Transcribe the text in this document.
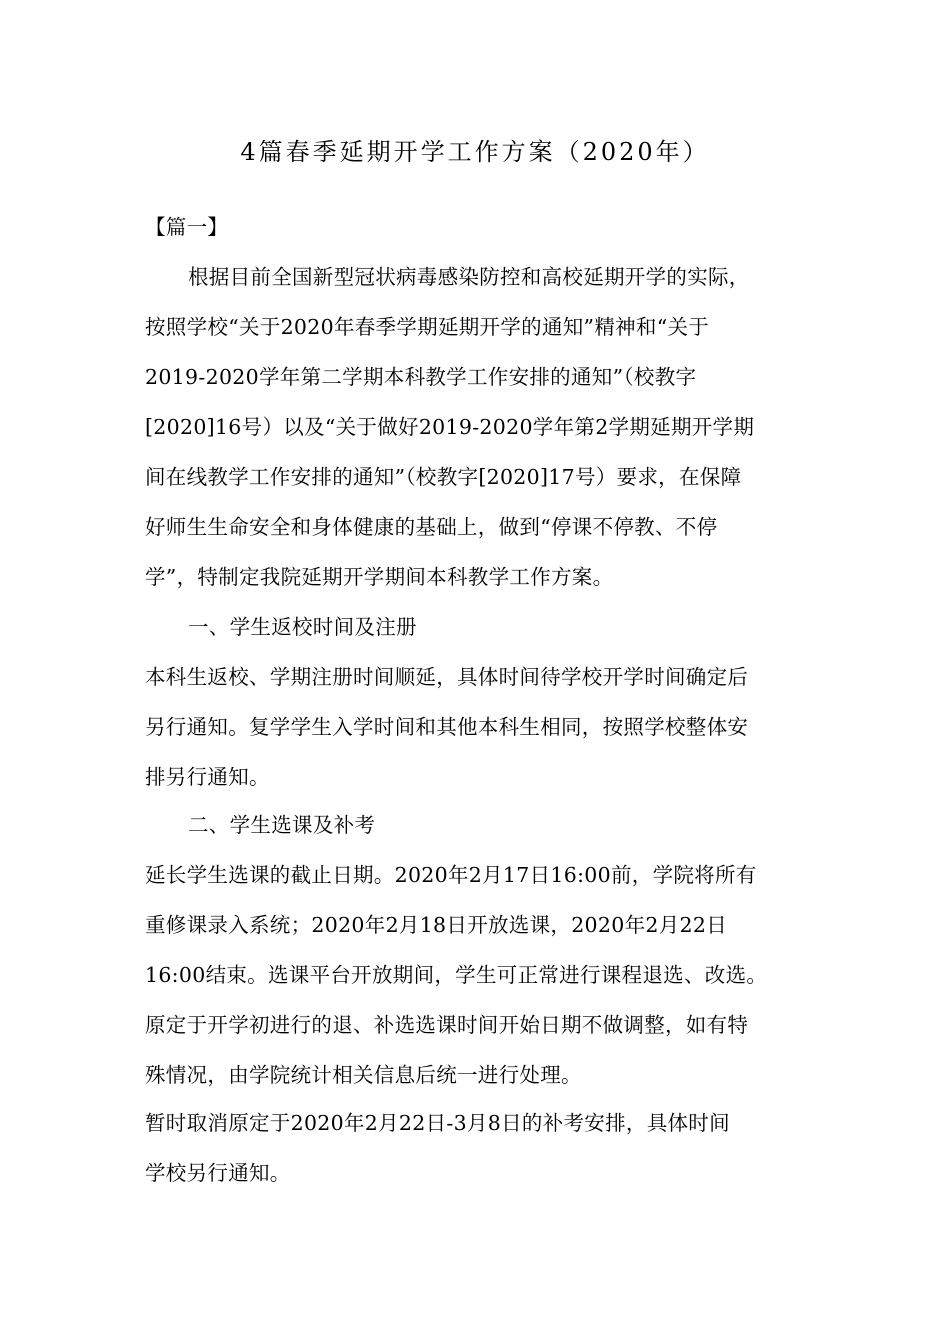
4篇春季延期开学工作方案（2020年）
【篇一】
根据目前全国新型冠状病毒感染防控和高校延期开学的实际，
按照学校“关于2020年春季学期延期开学的通知”精神和“关于
2019-2020学年第二学期本科教学工作安排的通知”（校教字
[2020]16号）以及“关于做好2019-2020学年第2学期延期开学期
间在线教学工作安排的通知”（校教字[2020]17号）要求，在保障
好师生生命安全和身体健康的基础上，做到“停课不停教、不停
学”，特制定我院延期开学期间本科教学工作方案。
一、学生返校时间及注册
本科生返校、学期注册时间顺延，具体时间待学校开学时间确定后
另行通知。复学学生入学时间和其他本科生相同，按照学校整体安
排另行通知。
二、学生选课及补考
延长学生选课的截止日期。2020年2月17日16:00前，学院将所有
重修课录入系统；2020年2月18日开放选课，2020年2月22日
16:00结束。选课平台开放期间，学生可正常进行课程退选、改选。
原定于开学初进行的退、补选选课时间开始日期不做调整，如有特
殊情况，由学院统计相关信息后统一进行处理。
暂时取消原定于2020年2月22日-3月8日的补考安排，具体时间
学校另行通知。
